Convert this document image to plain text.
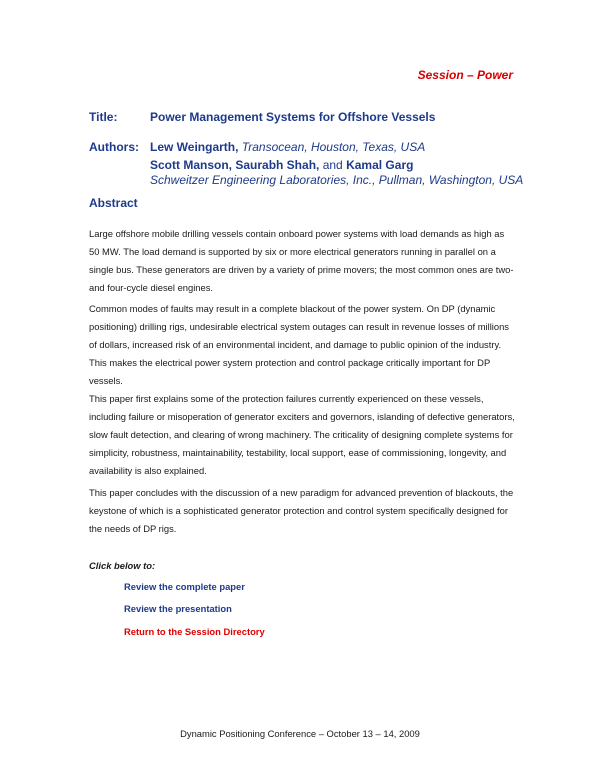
Session – Power
Title:	Power Management Systems for Offshore Vessels
Authors: Lew Weingarth, Transocean, Houston, Texas, USA
Scott Manson, Saurabh Shah, and Kamal Garg
Schweitzer Engineering Laboratories, Inc., Pullman, Washington, USA
Abstract

Large offshore mobile drilling vessels contain onboard power systems with load demands as high as 50 MW. The load demand is supported by six or more electrical generators running in parallel on a single bus. These generators are driven by a variety of prime movers; the most common ones are two- and four-cycle diesel engines.

Common modes of faults may result in a complete blackout of the power system. On DP (dynamic positioning) drilling rigs, undesirable electrical system outages can result in revenue losses of millions of dollars, increased risk of an environmental incident, and damage to public opinion of the industry. This makes the electrical power system protection and control package critically important for DP vessels.

This paper first explains some of the protection failures currently experienced on these vessels, including failure or misoperation of generator exciters and governors, islanding of defective generators, slow fault detection, and clearing of wrong machinery. The criticality of designing complete systems for simplicity, robustness, maintainability, testability, local support, ease of commissioning, longevity, and availability is also explained.

This paper concludes with the discussion of a new paradigm for advanced prevention of blackouts, the keystone of which is a sophisticated generator protection and control system specifically designed for the needs of DP rigs.

Click below to:
Review the complete paper
Review the presentation
Return to the Session Directory
Dynamic Positioning Conference – October 13 – 14, 2009
